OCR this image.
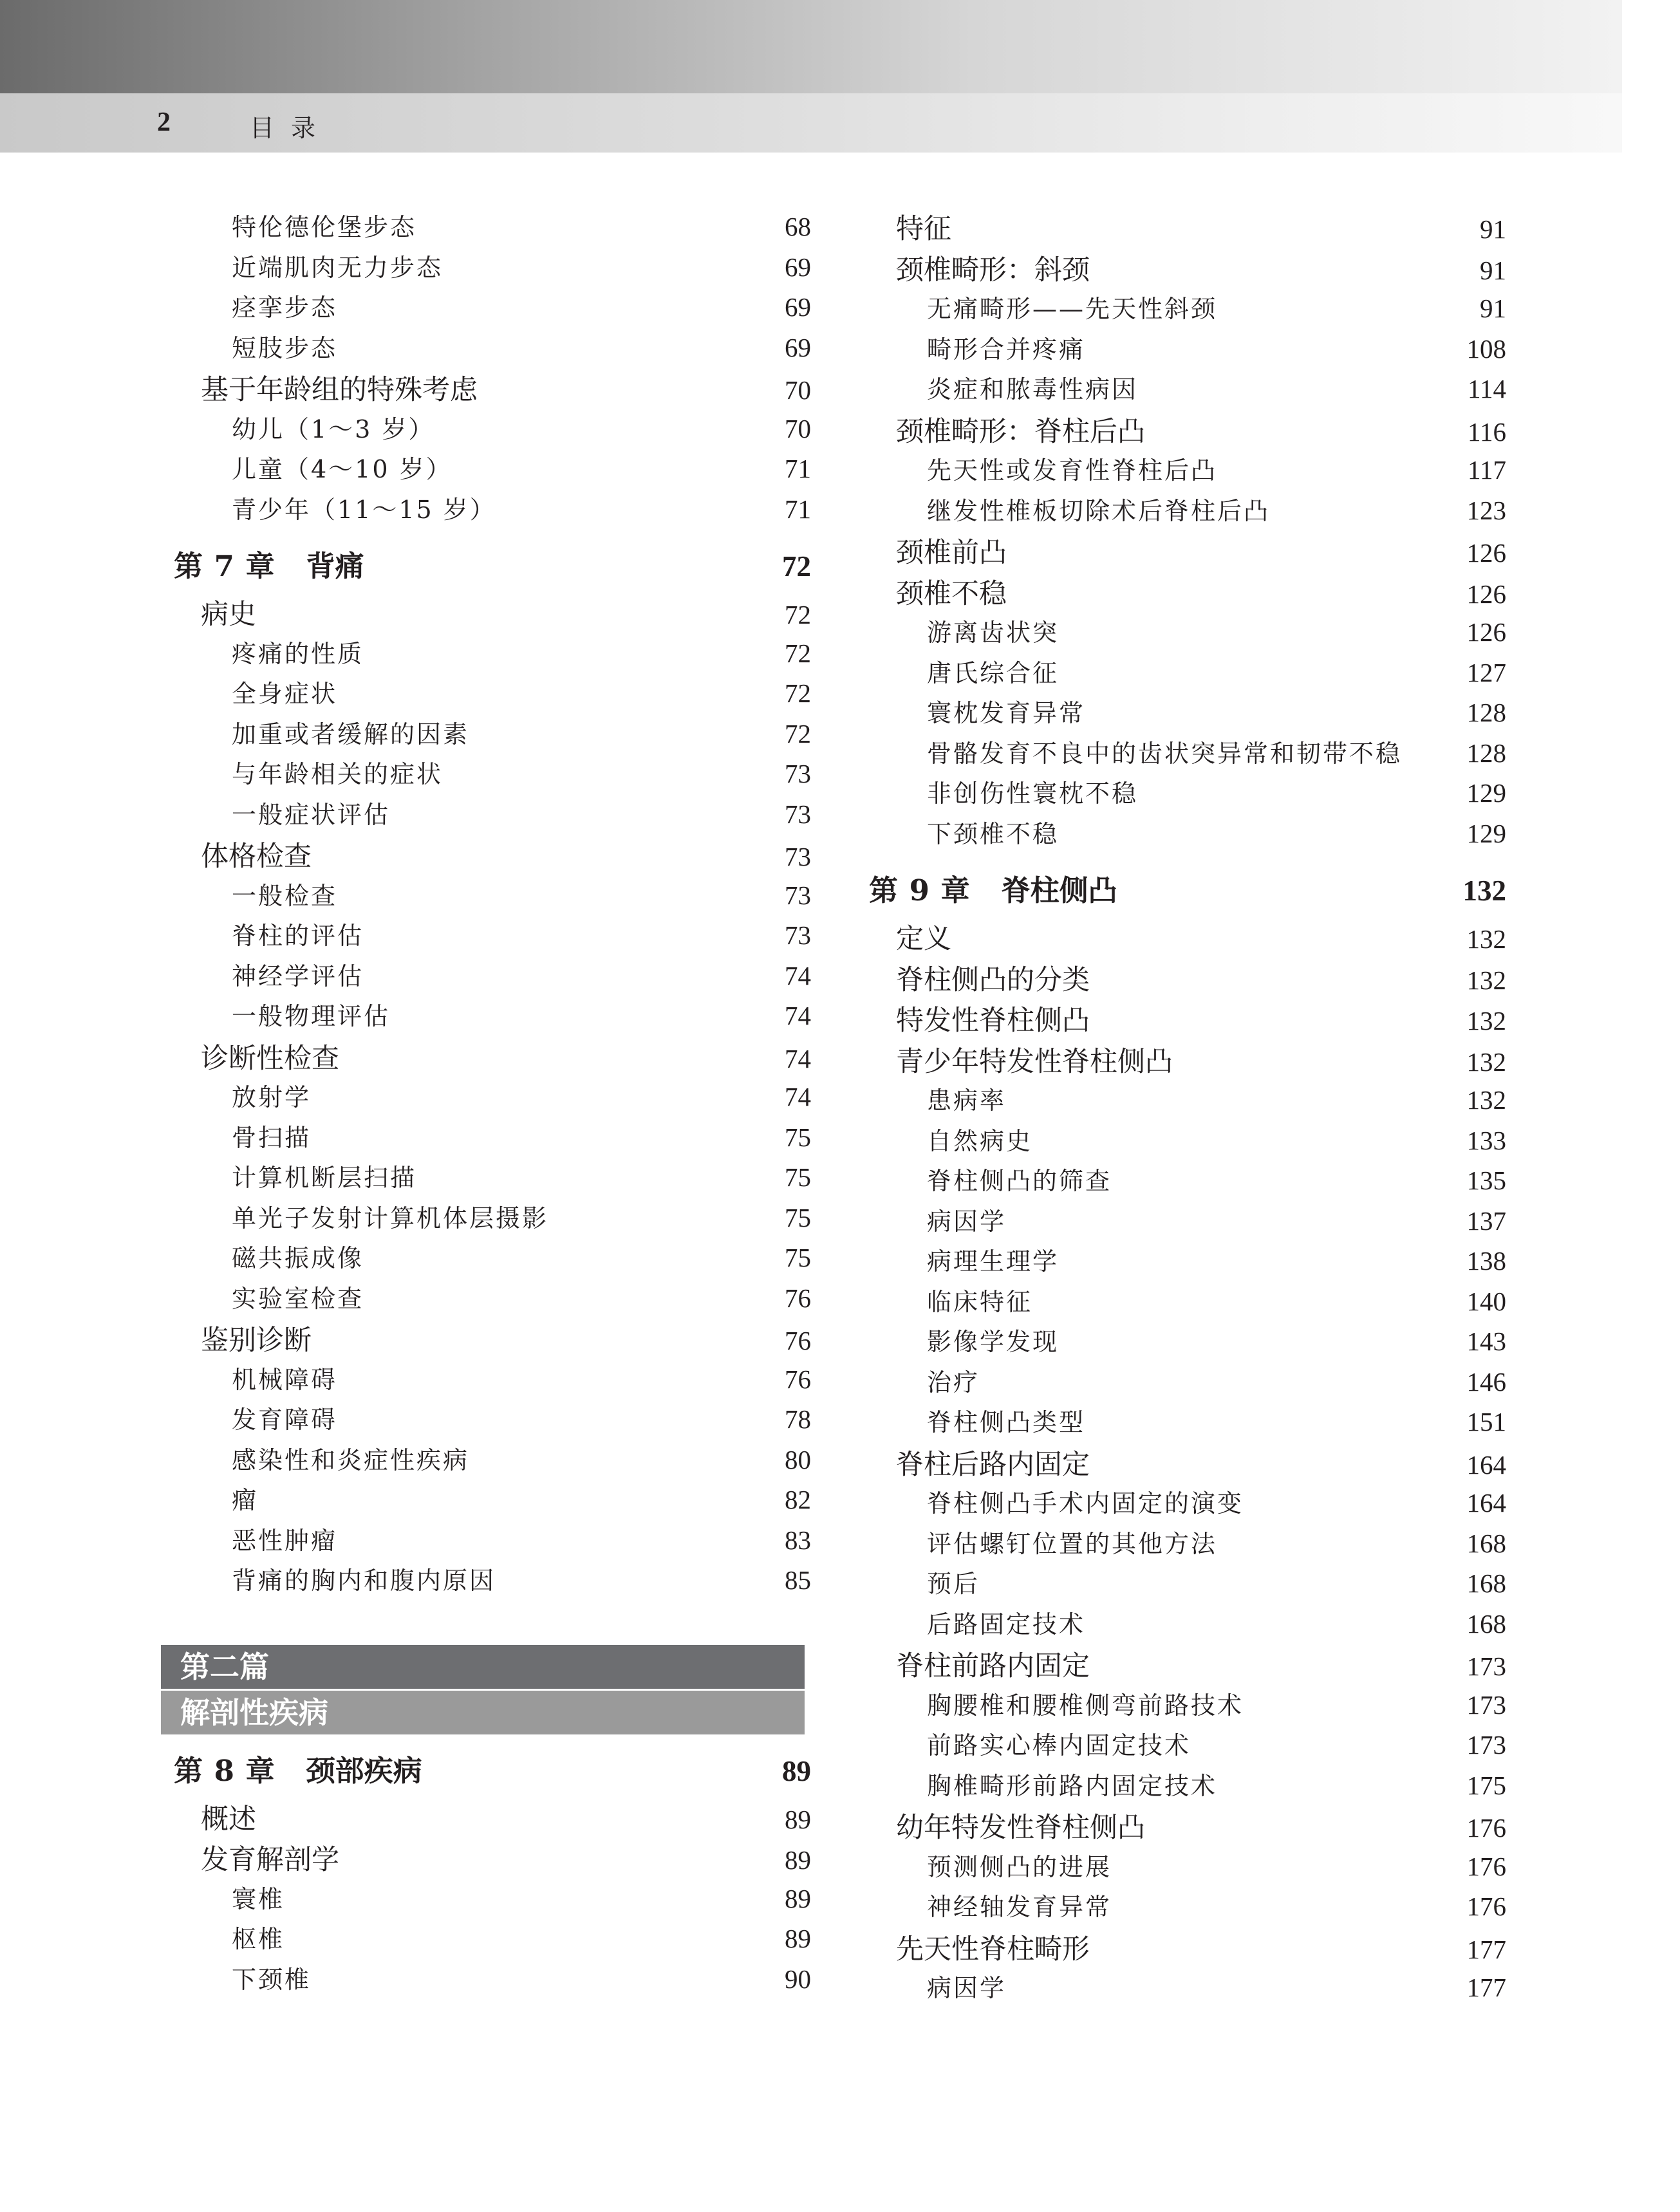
2	目录
特伦德伦堡步态	68
近端肌肉无力步态	69
痉挛步态	69
短肢步态	69
基于年龄组的特殊考虑	70
幼儿（1～3 岁）	70
儿童（4～10 岁）	71
青少年（11～15 岁）	71
第 7 章 背痛	72
病史	72
疼痛的性质	72
全身症状	72
加重或者缓解的因素	72
与年龄相关的症状	73
一般症状评估	73
体格检查	73
一般检查	73
脊柱的评估	73
神经学评估	74
一般物理评估	74
诊断性检查	74
放射学	74
骨扫描	75
计算机断层扫描	75
单光子发射计算机体层摄影	75
磁共振成像	75
实验室检查	76
鉴别诊断	76
机械障碍	76
发育障碍	78
感染性和炎症性疾病	80
瘤	82
恶性肿瘤	83
背痛的胸内和腹内原因	85
第二篇
解剖性疾病
第 8 章 颈部疾病	89
概述	89
发育解剖学	89
寰椎	89
枢椎	89
下颈椎	90
特征	91
颈椎畸形：斜颈	91
无痛畸形——先天性斜颈	91
畸形合并疼痛	108
炎症和脓毒性病因	114
颈椎畸形：脊柱后凸	116
先天性或发育性脊柱后凸	117
继发性椎板切除术后脊柱后凸	123
颈椎前凸	126
颈椎不稳	126
游离齿状突	126
唐氏综合征	127
寰枕发育异常	128
骨骼发育不良中的齿状突异常和韧带不稳 128
非创伤性寰枕不稳	129
下颈椎不稳	129
第 9 章 脊柱侧凸	132
定义	132
脊柱侧凸的分类	132
特发性脊柱侧凸	132
青少年特发性脊柱侧凸	132
患病率	132
自然病史	133
脊柱侧凸的筛查	135
病因学	137
病理生理学	138
临床特征	140
影像学发现	143
治疗	146
脊柱侧凸类型	151
脊柱后路内固定	164
脊柱侧凸手术内固定的演变	164
评估螺钉位置的其他方法	168
预后	168
后路固定技术	168
脊柱前路内固定	173
胸腰椎和腰椎侧弯前路技术	173
前路实心棒内固定技术	173
胸椎畸形前路内固定技术	175
幼年特发性脊柱侧凸	176
预测侧凸的进展	176
神经轴发育异常	176
先天性脊柱畸形	177
病因学	177
